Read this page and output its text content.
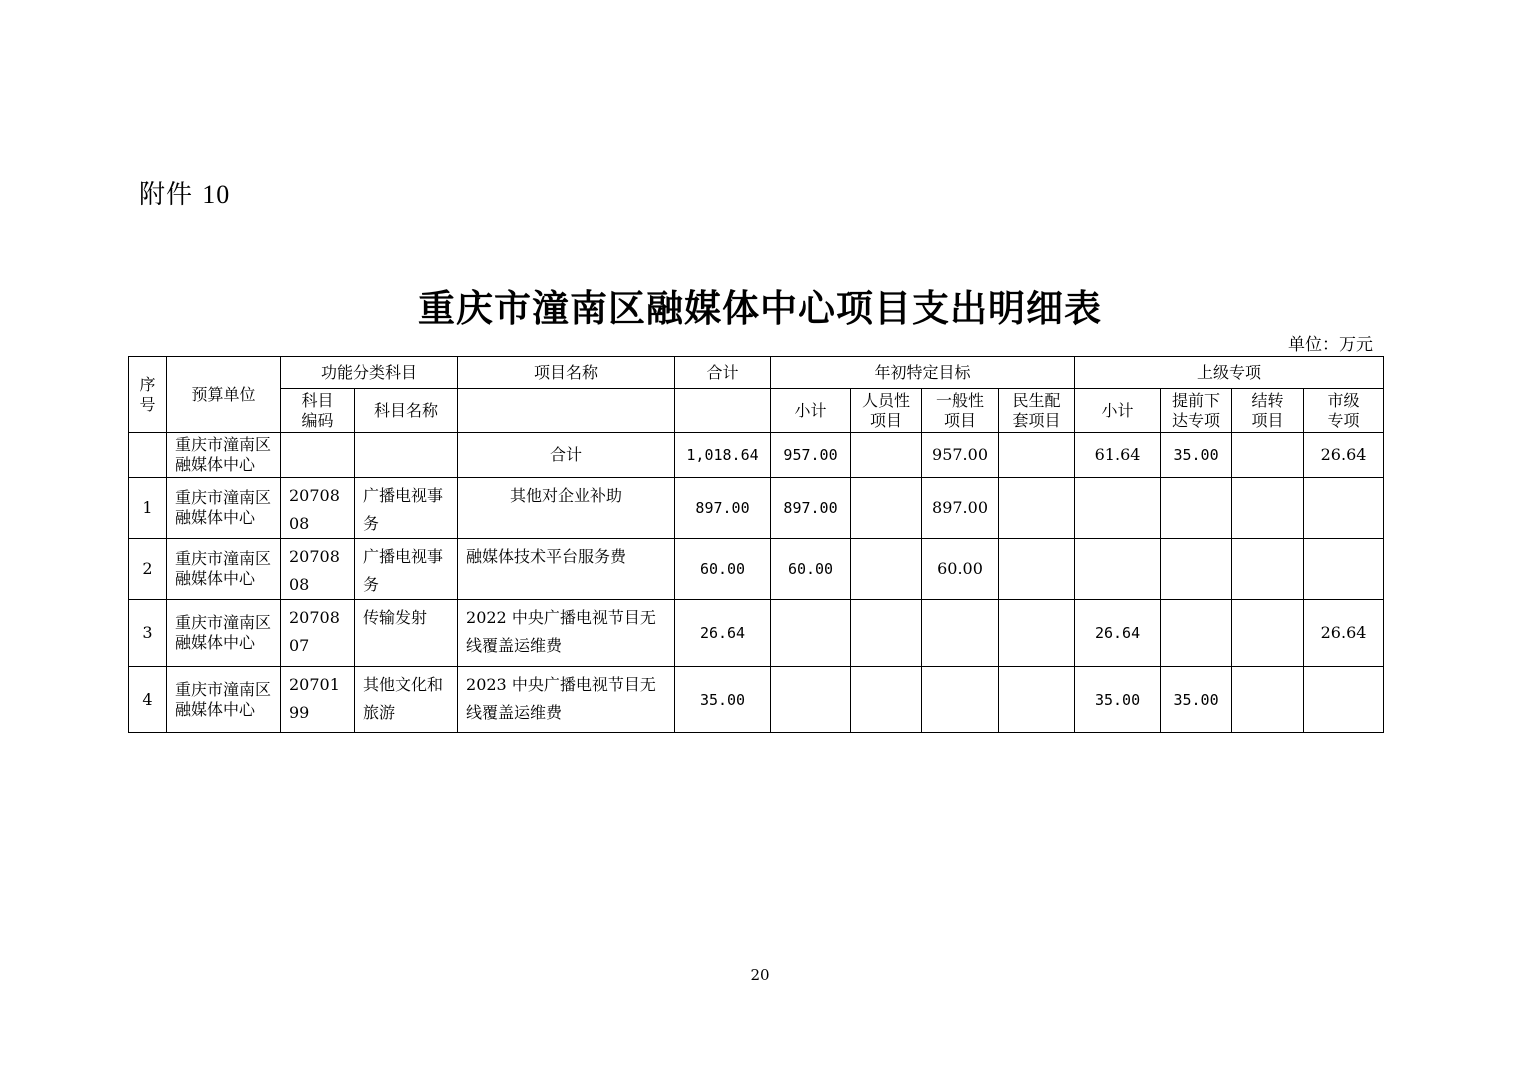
附件 10
重庆市潼南区融媒体中心项目支出明细表
单位：万元
序号	预算单位	功能分类科目		项目名称	合计	年初特定目标				上级专项			
		科目编码	科目名称			小计	人员性项目	一般性项目	民生配套项目	小计	提前下达专项	结转项目	市级专项
	重庆市潼南区融媒体中心			合计	1,018.64	957.00		957.00		61.64	35.00		26.64
1	重庆市潼南区融媒体中心	20708 08	广播电视事务	其他对企业补助	897.00	897.00		897.00					
2	重庆市潼南区融媒体中心	20708 08	广播电视事务	融媒体技术平台服务费	60.00	60.00		60.00					
3	重庆市潼南区融媒体中心	20708 07	传输发射	2022 中央广播电视节目无线覆盖运维费	26.64					26.64			26.64
4	重庆市潼南区融媒体中心	20701 99	其他文化和旅游	2023 中央广播电视节目无线覆盖运维费	35.00					35.00	35.00		
20
